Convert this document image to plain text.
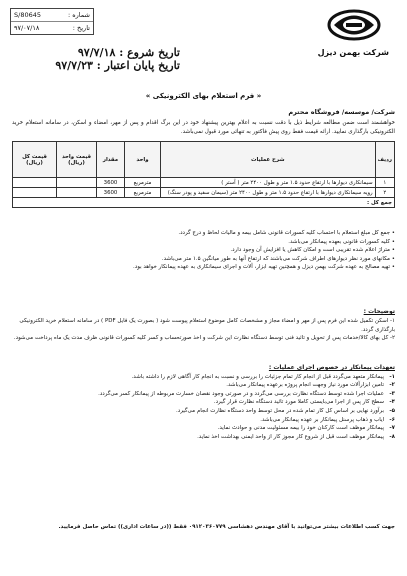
شرکت بهمن دیزل
شماره :
S/80645
تاریخ :
۹۷/۰۷/۱۸
تاریخ شروع : ۹۷/۷/۱۸
تاریخ پایان اعتبار : ۹۷/۷/۲۳
« فرم استعلام بهای الکترونیکی »
شرکت/ موسسه/ فروشگاه محترم
خواهشمند است ضمن مطالعه شرایط ذیل با دقت نسبت به اعلام بهترین پیشنهاد خود در این برگ اقدام و پس از مهر، امضاء و اسکن، در سامانه استعلام خرید الکترونیکی بارگذاری نمایید. ارائه قیمت فقط روی پیش فاکتور به تنهائی مورد قبول نمی‌باشد.
ردیف	شرح عملیات	واحد	مقدار	قیمت واحد (ریال)	قیمت کل (ریال)
۱	سیمانکاری دیوارها با ارتفاع حدود ۱.۵ متر و طول ۲۴۰۰ متر ( آستر )	مترمربع	3600		
۲	رویه سیمانکاری دیوارها با ارتفاع حدود ۱.۵ متر و طول ۲۴۰۰ متر (سیمان سفید و پودر سنگ)	مترمربع	3600		
جمع کل :					
• جمع کل مبلغ استعلام با احتساب کلیه کسورات قانونی شامل بیمه و مالیات لحاظ و درج گردد.
• کلیه کسورات قانونی بعهده پیمانکار می‌باشد.
• متراژ اعلام شده تقریبی است و امکان کاهش یا افزایش آن وجود دارد.
• مکانهای مورد نظر دیوارهای اطراف شرکت می‌باشند که ارتفاع آنها به طور میانگین ۱.۵ متر می‌باشد.
• تهیه مصالح به عهده شرکت بهمن دیزل و همچنین تهیه ابزار، آلات و اجرای سیمانکاری به عهده پیمانکار خواهد بود.
توضیحات :
۱- اسکن تکمیل شده این فرم پس از مهر و امضاء مجاز و مشخصات کامل موضوع استعلام پیوست شود ( بصورت یک فایل PDF ) در سامانه استعلام خرید الکترونیکی بارگذاری گردد.
۲- کل بهای کالا/خدمات پس از تحویل و تائید فنی توسط دستگاه نظارت این شرکت و اخذ صورتحساب و کسر کلیه کسورات قانونی ظرف مدت یک ماه پرداخت می‌شود.
تعهدات پیمانکار در خصوص اجرای عملیات :
۱-
پیمانکار متعهد می‌گردد قبل از انجام کار تمام جزئیات را بررسی و نسبت به انجام کار آگاهی لازم را داشته باشد.
۲-
تامین ابزارآلات مورد نیاز وجهت انجام پروژه برعهده پیمانکار می‌باشد.
۳-
عملیات اجرا شده توسط دستگاه نظارت بررسی می‌گردد و در صورتی وجود نقصان خسارت مربوطه از پیمانکار کسر می‌گردد.
۴-
سطح کار پس از اجرا می‌بایستی کاملا مورد تائید دستگاه نظارت قرار گیرد.
۵-
برآورد نهایی بر اساس کل کار تمام شده در محل توسط واحد دستگاه نظارت انجام می‌گیرد.
۶-
ایاب و ذهاب پرسنل پیمانکار بر عهده پیمانکار می‌باشد.
۷-
پیمانکار موظف است کارکنان خود را بیمه مسئولیت مدنی و حوادث نماید.
۸-
پیمانکار موظف است قبل از شروع کار مجوز کار از واحد ایمنی بهداشت اخذ نماید.
جهت کسب اطلاعات بیشتر می‌توانید با آقای مهندس دهشاسی ۰۹۱۲۰۳۶۰۷۷۹ فقط ((در ساعات اداری)) تماس حاصل فرمایید.
